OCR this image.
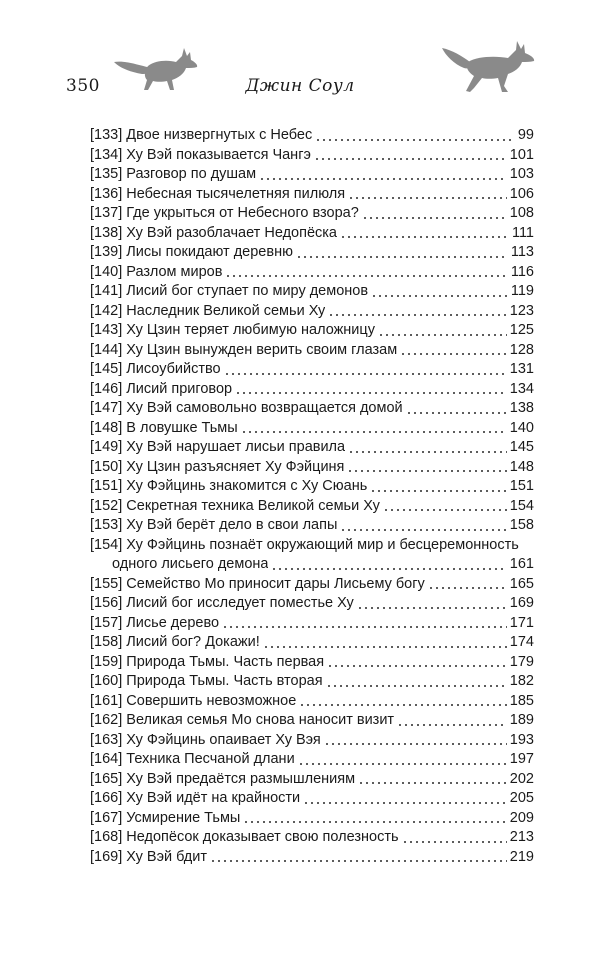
350	Джин Соул
[133]
Двое низвергнутых с Небес	99
[134]
Ху Вэй показывается Чангэ	101
[135]
Разговор по душам	103
[136]
Небесная тысячелетняя пилюля	106
[137]
Где укрыться от Небесного взора?	108
[138]
Ху Вэй разоблачает Недопёска	111
[139]
Лисы покидают деревню	113
[140]
Разлом миров	116
[141]
Лисий бог ступает по миру демонов	119
[142]
Наследник Великой семьи Ху	123
[143]
Ху Цзин теряет любимую наложницу	125
[144]
Ху Цзин вынужден верить своим глазам	128
[145]
Лисоубийство	131
[146]
Лисий приговор	134
[147]
Ху Вэй самовольно возвращается домой	138
[148]
В ловушке Тьмы	140
[149]
Ху Вэй нарушает лисьи правила	145
[150]
Ху Цзин разъясняет Ху Фэйциня	148
[151]
Ху Фэйцинь знакомится с Ху Сюань	151
[152]
Секретная техника Великой семьи Ху	154
[153]
Ху Вэй берёт дело в свои лапы	158
[154] Ху Фэйцинь познаёт окружающий мир и бесцеремонность
одного лисьего демона	161
[155]
Семейство Мо приносит дары Лисьему богу	165
[156]
Лисий бог исследует поместье Ху	169
[157]
Лисье дерево	171
[158]
Лисий бог? Докажи!	174
[159]
Природа Тьмы. Часть первая	179
[160]
Природа Тьмы. Часть вторая	182
[161]
Совершить невозможное	185
[162]
Великая семья Мо снова наносит визит	189
[163]
Ху Фэйцинь опаивает Ху Вэя	193
[164]
Техника Песчаной длани	197
[165]
Ху Вэй предаётся размышлениям	202
[166]
Ху Вэй идёт на крайности	205
[167]
Усмирение Тьмы	209
[168]
Недопёсок доказывает свою полезность	213
[169]
Ху Вэй бдит	219
